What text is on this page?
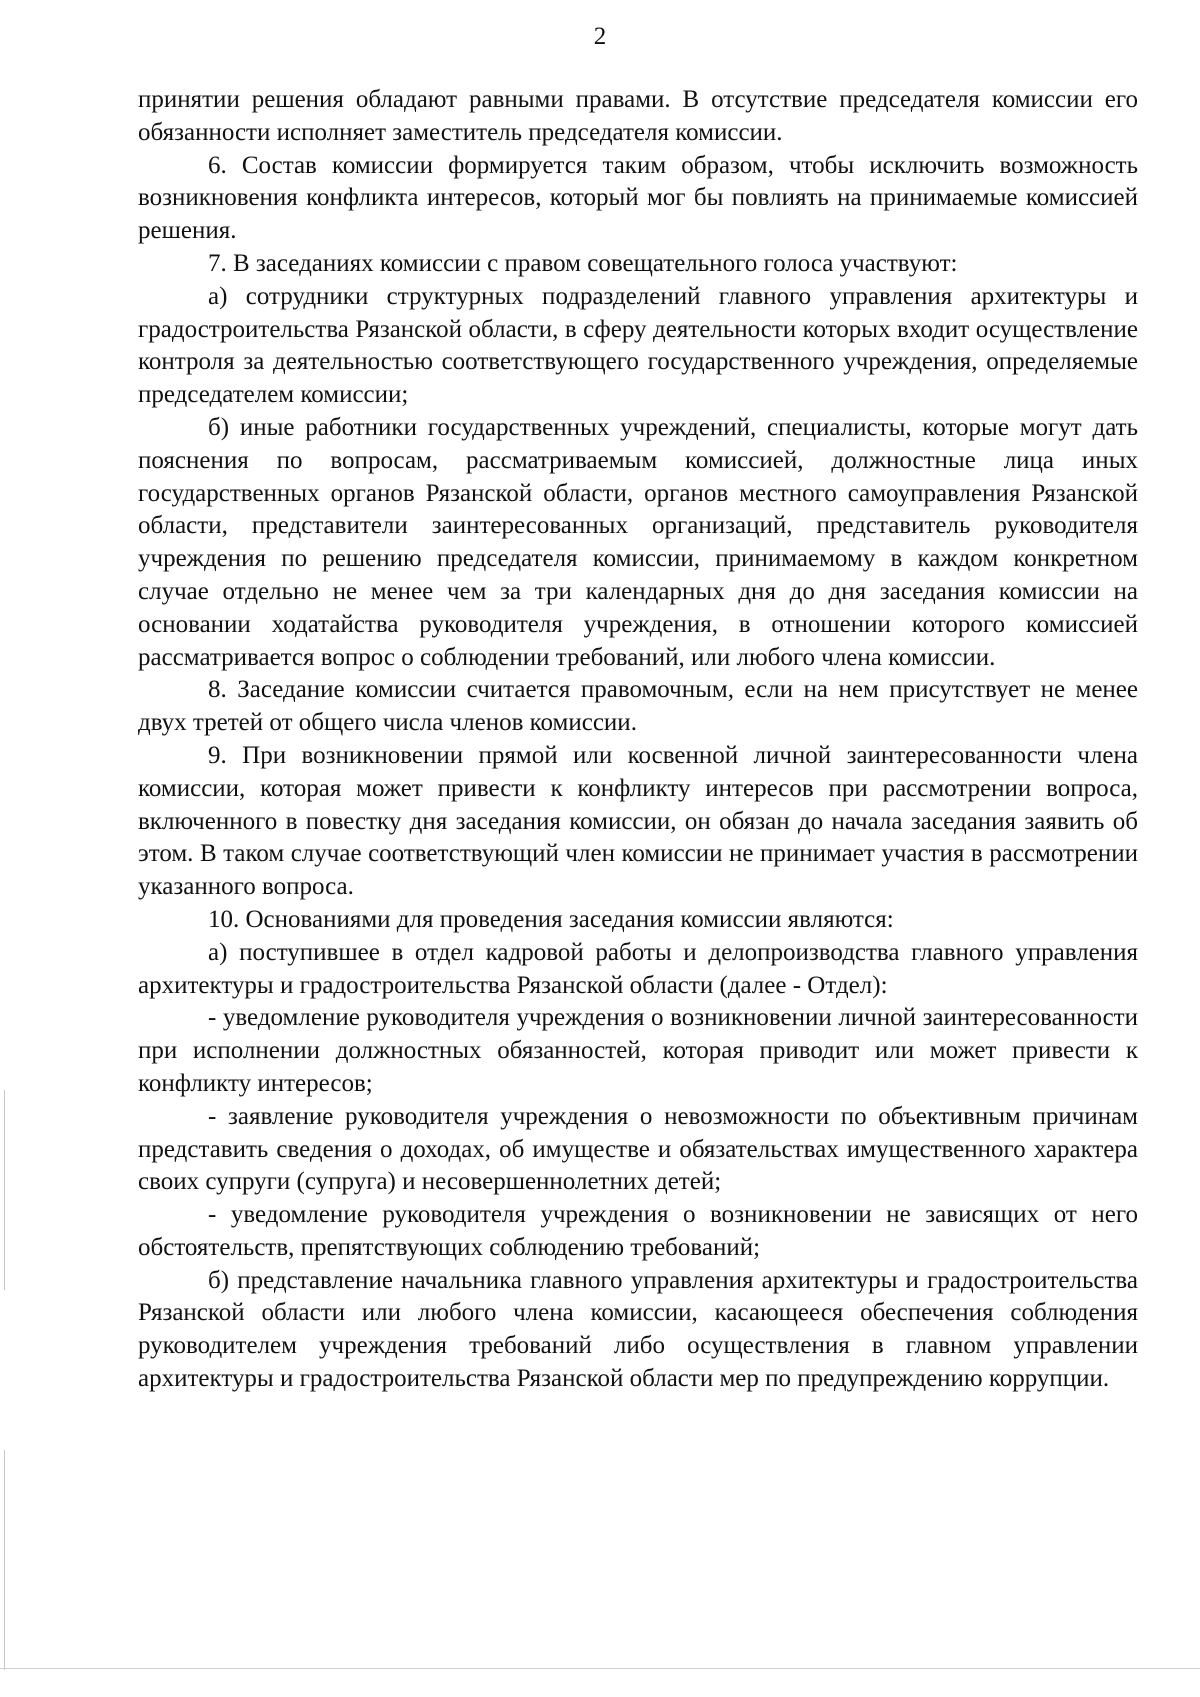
2

принятии решения обладают равными правами. В отсутствие председателя комиссии его обязанности исполняет заместитель председателя комиссии.

6. Состав комиссии формируется таким образом, чтобы исключить возможность возникновения конфликта интересов, который мог бы повлиять на принимаемые комиссией решения.

7. В заседаниях комиссии с правом совещательного голоса участвуют:

а) сотрудники структурных подразделений главного управления архитектуры и градостроительства Рязанской области, в сферу деятельности которых входит осуществление контроля за деятельностью соответствующего государственного учреждения, определяемые председателем комиссии;

б) иные работники государственных учреждений, специалисты, которые могут дать пояснения по вопросам, рассматриваемым комиссией, должностные лица иных государственных органов Рязанской области, органов местного самоуправления Рязанской области, представители заинтересованных организаций, представитель руководителя учреждения по решению председателя комиссии, принимаемому в каждом конкретном случае отдельно не менее чем за три календарных дня до дня заседания комиссии на основании ходатайства руководителя учреждения, в отношении которого комиссией рассматривается вопрос о соблюдении требований, или любого члена комиссии.

8. Заседание комиссии считается правомочным, если на нем присутствует не менее двух третей от общего числа членов комиссии.

9. При возникновении прямой или косвенной личной заинтересованности члена комиссии, которая может привести к конфликту интересов при рассмотрении вопроса, включенного в повестку дня заседания комиссии, он обязан до начала заседания заявить об этом. В таком случае соответствующий член комиссии не принимает участия в рассмотрении указанного вопроса.

10. Основаниями для проведения заседания комиссии являются:

а) поступившее в отдел кадровой работы и делопроизводства главного управления архитектуры и градостроительства Рязанской области (далее - Отдел):

- уведомление руководителя учреждения о возникновении личной заинтересованности при исполнении должностных обязанностей, которая приводит или может привести к конфликту интересов;

- заявление руководителя учреждения о невозможности по объективным причинам представить сведения о доходах, об имуществе и обязательствах имущественного характера своих супруги (супруга) и несовершеннолетних детей;

- уведомление руководителя учреждения о возникновении не зависящих от него обстоятельств, препятствующих соблюдению требований;

б) представление начальника главного управления архитектуры и градостроительства Рязанской области или любого члена комиссии, касающееся обеспечения соблюдения руководителем учреждения требований либо осуществления в главном управлении архитектуры и градостроительства Рязанской области мер по предупреждению коррупции.
